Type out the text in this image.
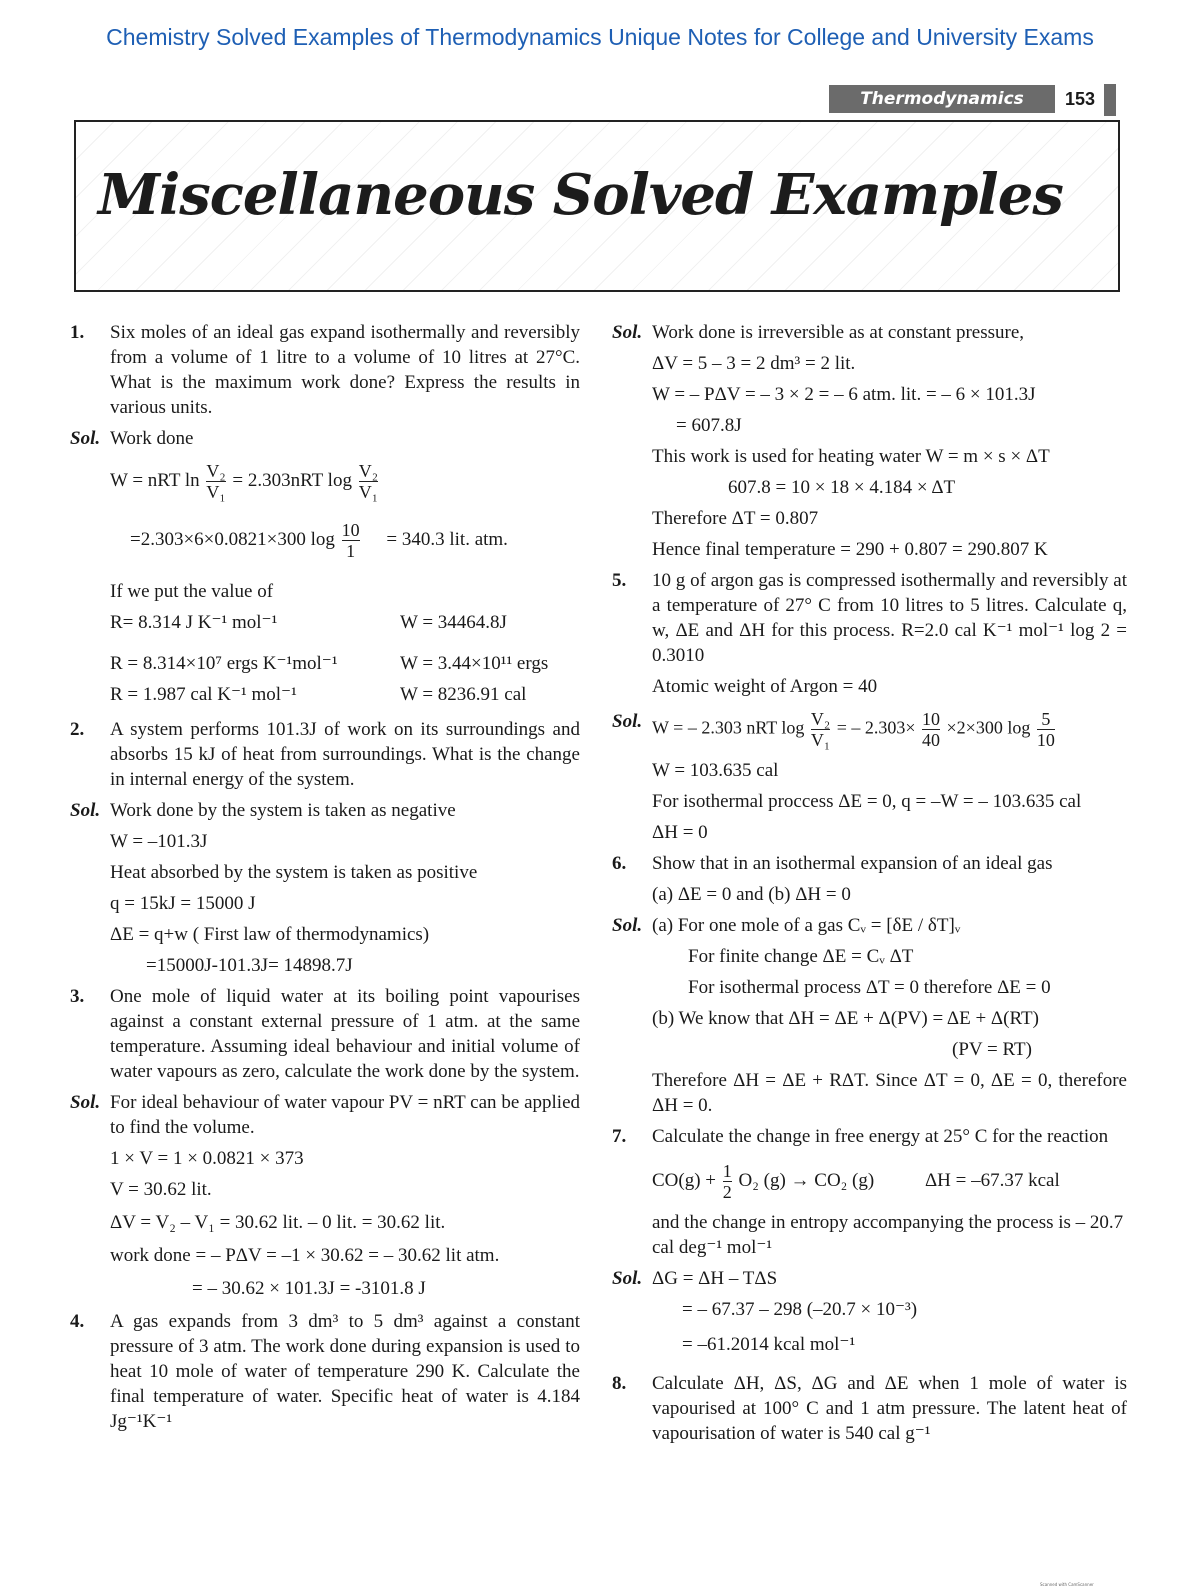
Chemistry Solved Examples of Thermodynamics Unique Notes for College and University Exams
Thermodynamics	153
Miscellaneous Solved Examples
1.	Six moles of an ideal gas expand isothermally and reversibly from a volume of 1 litre to a volume of 10 litres at 27°C. What is the maximum work done? Express the results in various units.
Sol. Work done
W = nRT $\ln \frac{\text{V₂}}{\text{V₁}} = 2.303nRT$ $\log \frac{\text{V₂}}{\text{V₁}}$
=2.303×6×0.0821×300 $\log \frac{10}{1} = 340.3$ lit. atm.
If we put the value of
R= 8.314 J K⁻¹ mol⁻¹	W = 34464.8J
R = 8.314×10⁷ ergs K⁻¹mol⁻¹	W = 3.44×10¹¹ ergs
R = 1.987 cal K⁻¹ mol⁻¹	W = 8236.91 cal
2.	A system performs 101.3J of work on its surroundings and absorbs 15 kJ of heat from surroundings. What is the change in internal energy of the system.
Sol. Work done by the system is taken as negative
W = –101.3J
Heat absorbed by the system is taken as positive
q = 15kJ = 15000 J
ΔE = q+w ( First law of thermodynamics)
=15000J-101.3J= 14898.7J
3.	One mole of liquid water at its boiling point vapourises against a constant external pressure of 1 atm. at the same temperature. Assuming ideal behaviour and initial volume of water vapours as zero, calculate the work done by the system.
Sol. For ideal behaviour of water vapour PV = nRT can be applied to find the volume.
1 × V = 1 × 0.0821 × 373
V = 30.62 lit.
ΔV = V₂ – V₁ = 30.62 lit. – 0 lit. = 30.62 lit.
work done = – PΔV = –1 × 30.62 = – 30.62 lit atm.
= – 30.62 × 101.3J = -3101.8 J
4.	A gas expands from 3 dm³ to 5 dm³ against a constant pressure of 3 atm. The work done during expansion is used to heat 10 mole of water of temperature 290 K. Calculate the final temperature of water. Specific heat of water is 4.184 Jg⁻¹K⁻¹
Sol. Work done is irreversible as at constant pressure,
ΔV = 5 – 3 = 2 dm³ = 2 lit.
W = – PΔV = – 3 × 2 = – 6 atm. lit. = – 6 × 101.3J
= 607.8J
This work is used for heating water W = m × s × ΔT
607.8 = 10 × 18 × 4.184 × ΔT
Therefore ΔT = 0.807
Hence final temperature = 290 + 0.807 = 290.807 K
5.	10 g of argon gas is compressed isothermally and reversibly at a temperature of 27° C from 10 litres to 5 litres. Calculate q, w, ΔE and ΔH for this process. R=2.0 cal K⁻¹ mol⁻¹ log 2 = 0.3010
Atomic weight of Argon = 40
Sol. W = – 2.303 nRT $\log \frac{\text{V₂}}{\text{V₁}}$ = – $2.303\times \frac{10}{40} \times 2\times 300$ $\log \frac{5}{10}$
W = 103.635 cal
For isothermal proccess ΔE = 0, q = –W = – 103.635 cal
ΔH = 0
6.	Show that in an isothermal expansion of an ideal gas
(a) ΔE = 0 and (b) ΔH = 0
Sol. (a) For one mole of a gas Cᵥ = [δE / δT]ᵥ
For finite change ΔE = Cᵥ ΔT
For isothermal process ΔT = 0 therefore ΔE = 0
(b) We know that ΔH = ΔE + Δ(PV) = ΔE + Δ(RT)
(PV = RT)
Therefore ΔH = ΔE + RΔT. Since ΔT = 0, ΔE = 0, therefore ΔH = 0.
7.	Calculate the change in free energy at 25° C for the reaction
$CO(g) + \frac{1}{2} O_2$ (g) → CO₂ (g)	ΔH = –67.37 kcal
and the change in entropy accompanying the process is – 20.7 cal deg⁻¹ mol⁻¹
Sol. ΔG = ΔH – TΔS
= – 67.37 – 298 (–20.7 × 10⁻³)
= –61.2014 kcal mol⁻¹
8.	Calculate ΔH, ΔS, ΔG and ΔE when 1 mole of water is vapourised at 100° C and 1 atm pressure. The latent heat of vapourisation of water is 540 cal g⁻¹
Scanned with CamScanner
